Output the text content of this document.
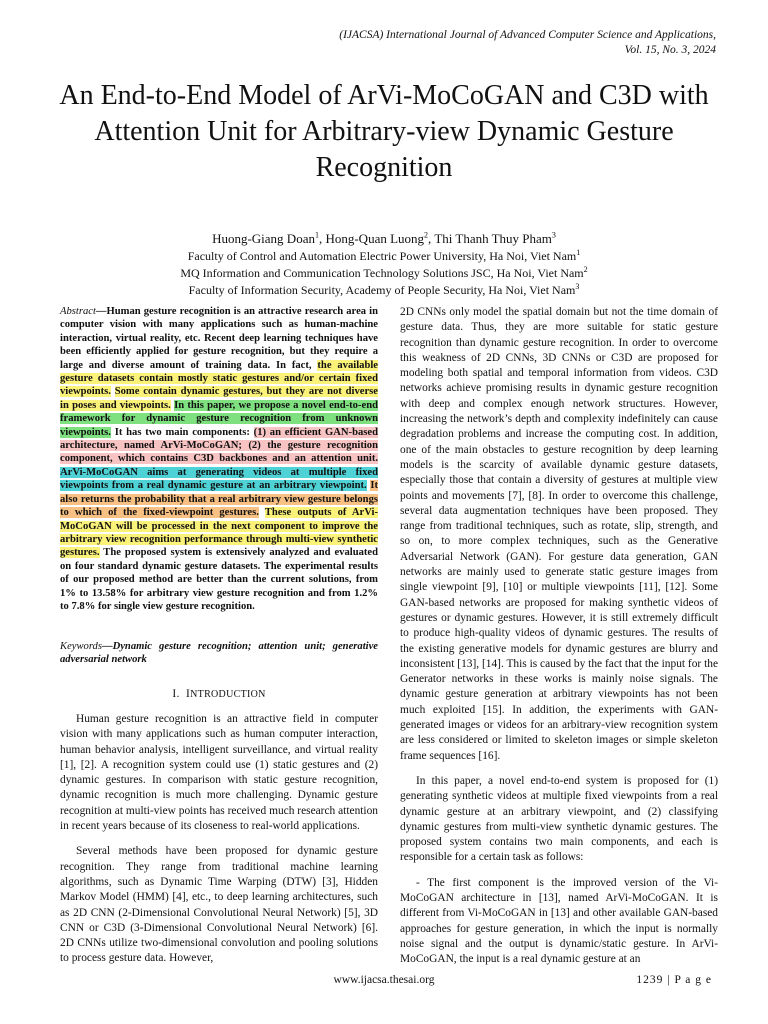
(IJACSA) International Journal of Advanced Computer Science and Applications,
Vol. 15, No. 3, 2024
An End-to-End Model of ArVi-MoCoGAN and C3D with Attention Unit for Arbitrary-view Dynamic Gesture Recognition
Huong-Giang Doan$^1$, Hong-Quan Luong$^2$, Thi Thanh Thuy Pham$^3$
Faculty of Control and Automation Electric Power University, Ha Noi, Viet Nam$^1$
MQ Information and Communication Technology Solutions JSC, Ha Noi, Viet Nam$^2$
Faculty of Information Security, Academy of People Security, Ha Noi, Viet Nam$^3$
Abstract—Human gesture recognition is an attractive research area in computer vision with many applications such as human-machine interaction, virtual reality, etc. Recent deep learning techniques have been efficiently applied for gesture recognition, but they require a large and diverse amount of training data. In fact, the available gesture datasets contain mostly static gestures and/or certain fixed viewpoints. Some contain dynamic gestures, but they are not diverse in poses and viewpoints. In this paper, we propose a novel end-to-end framework for dynamic gesture recognition from unknown viewpoints. It has two main components: (1) an efficient GAN-based architecture, named ArVi-MoCoGAN; (2) the gesture recognition component, which contains C3D backbones and an attention unit. ArVi-MoCoGAN aims at generating videos at multiple fixed viewpoints from a real dynamic gesture at an arbitrary viewpoint. It also returns the probability that a real arbitrary view gesture belongs to which of the fixed-viewpoint gestures. These outputs of ArVi-MoCoGAN will be processed in the next component to improve the arbitrary view recognition performance through multi-view synthetic gestures. The proposed system is extensively analyzed and evaluated on four standard dynamic gesture datasets. The experimental results of our proposed method are better than the current solutions, from 1% to 13.58% for arbitrary view gesture recognition and from 1.2% to 7.8% for single view gesture recognition.
Keywords—Dynamic gesture recognition; attention unit; generative adversarial network
I. INTRODUCTION

Human gesture recognition is an attractive field in computer vision with many applications such as human computer interaction, human behavior analysis, intelligent surveillance, and virtual reality [1], [2]. A recognition system could use (1) static gestures and (2) dynamic gestures. In comparison with static gesture recognition, dynamic recognition is much more challenging. Dynamic gesture recognition at multi-view points has received much research attention in recent years because of its closeness to real-world applications.

Several methods have been proposed for dynamic gesture recognition. They range from traditional machine learning algorithms, such as Dynamic Time Warping (DTW) [3], Hidden Markov Model (HMM) [4], etc., to deep learning architectures, such as 2D CNN (2-Dimensional Convolutional Neural Network) [5], 3D CNN or C3D (3-Dimensional Convolutional Neural Network) [6]. 2D CNNs utilize two-dimensional convolution and pooling solutions to process gesture data. However,

2D CNNs only model the spatial domain but not the time domain of gesture data. Thus, they are more suitable for static gesture recognition than dynamic gesture recognition. In order to overcome this weakness of 2D CNNs, 3D CNNs or C3D are proposed for modeling both spatial and temporal information from videos. C3D networks achieve promising results in dynamic gesture recognition with deep and complex enough network structures. However, increasing the network’s depth and complexity indefinitely can cause degradation problems and increase the computing cost. In addition, one of the main obstacles to gesture recognition by deep learning models is the scarcity of available dynamic gesture datasets, especially those that contain a diversity of gestures at multiple view points and movements [7], [8]. In order to overcome this challenge, several data augmentation techniques have been proposed. They range from traditional techniques, such as rotate, slip, strength, and so on, to more complex techniques, such as the Generative Adversarial Network (GAN). For gesture data generation, GAN networks are mainly used to generate static gesture images from single viewpoint [9], [10] or multiple viewpoints [11], [12]. Some GAN-based networks are proposed for making synthetic videos of gestures or dynamic gestures. However, it is still extremely difficult to produce high-quality videos of dynamic gestures. The results of the existing generative models for dynamic gestures are blurry and inconsistent [13], [14]. This is caused by the fact that the input for the Generator networks in these works is mainly noise signals. The dynamic gesture generation at arbitrary viewpoints has not been much exploited [15]. In addition, the experiments with GAN-generated images or videos for an arbitrary-view recognition system are less considered or limited to skeleton images or simple skeleton frame sequences [16].

In this paper, a novel end-to-end system is proposed for (1) generating synthetic videos at multiple fixed viewpoints from a real dynamic gesture at an arbitrary viewpoint, and (2) classifying dynamic gestures from multi-view synthetic dynamic gestures. The proposed system contains two main components, and each is responsible for a certain task as follows:

- The first component is the improved version of the Vi-MoCoGAN architecture in [13], named ArVi-MoCoGAN. It is different from Vi-MoCoGAN in [13] and other available GAN-based approaches for gesture generation, in which the input is normally noise signal and the output is dynamic/static gesture. In ArVi-MoCoGAN, the input is a real dynamic gesture at an

www.ijacsa.thesai.org	1239 | P a g e
